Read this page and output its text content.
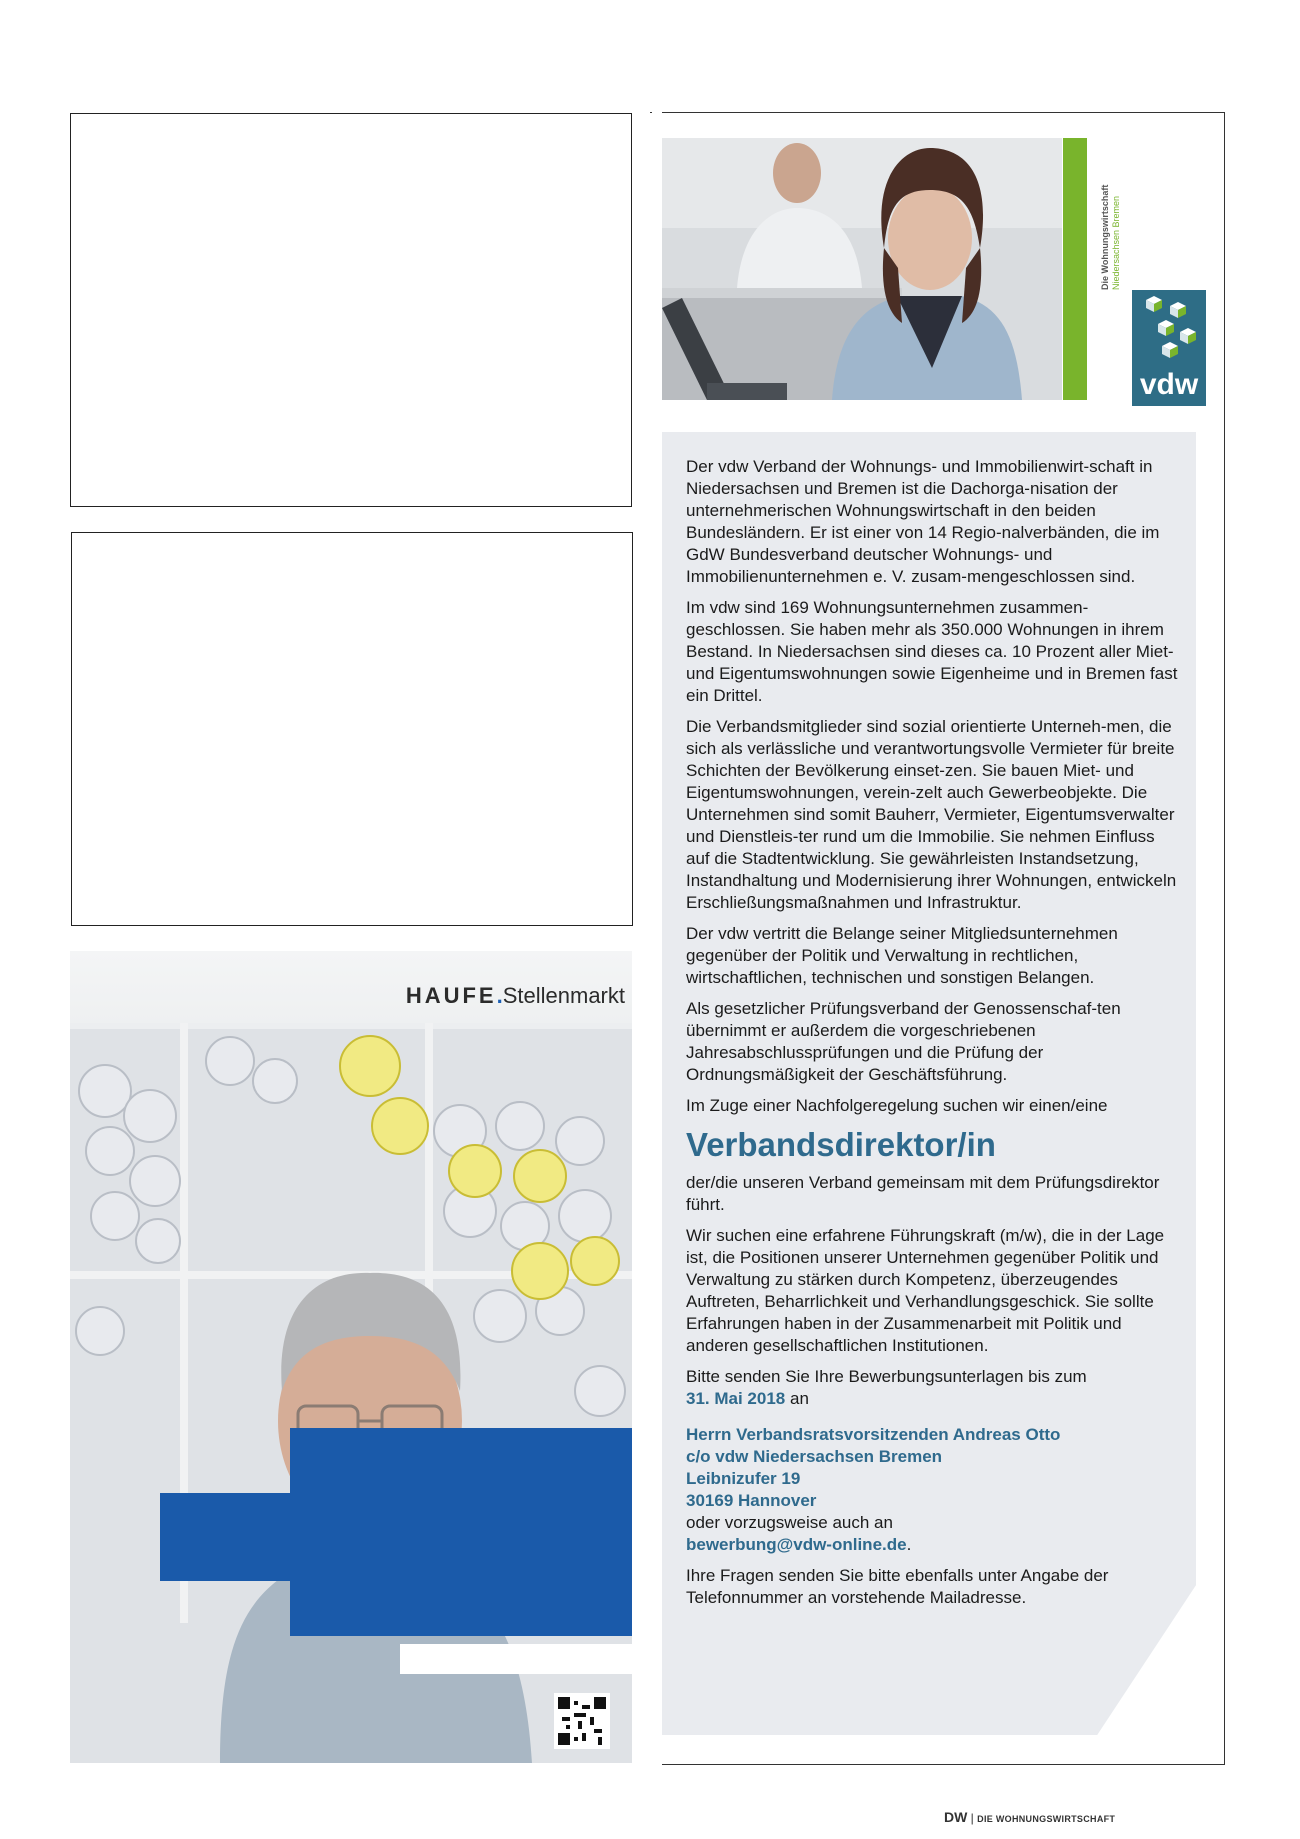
HAUFE.Stellenmarkt
Die Wohnungswirtschaft Niedersachsen Bremen
vdw

Der vdw Verband der Wohnungs- und Immobilienwirt-schaft in Niedersachsen und Bremen ist die Dachorga-nisation der unternehmerischen Wohnungswirtschaft in den beiden Bundesländern. Er ist einer von 14 Regio-nalverbänden, die im GdW Bundesverband deutscher Wohnungs- und Immobilienunternehmen e. V. zusam-mengeschlossen sind.

Im vdw sind 169 Wohnungsunternehmen zusammen-geschlossen. Sie haben mehr als 350.000 Wohnungen in ihrem Bestand. In Niedersachsen sind dieses ca. 10 Prozent aller Miet- und Eigentumswohnungen sowie Eigenheime und in Bremen fast ein Drittel.

Die Verbandsmitglieder sind sozial orientierte Unterneh-men, die sich als verlässliche und verantwortungsvolle Vermieter für breite Schichten der Bevölkerung einset-zen. Sie bauen Miet- und Eigentumswohnungen, verein-zelt auch Gewerbeobjekte. Die Unternehmen sind somit Bauherr, Vermieter, Eigentumsverwalter und Dienstleis-ter rund um die Immobilie. Sie nehmen Einfluss auf die Stadtentwicklung. Sie gewährleisten Instandsetzung, Instandhaltung und Modernisierung ihrer Wohnungen, entwickeln Erschließungsmaßnahmen und Infrastruktur.

Der vdw vertritt die Belange seiner Mitgliedsunternehmen gegenüber der Politik und Verwaltung in rechtlichen, wirtschaftlichen, technischen und sonstigen Belangen.

Als gesetzlicher Prüfungsverband der Genossenschaf-ten übernimmt er außerdem die vorgeschriebenen Jahresabschlussprüfungen und die Prüfung der Ordnungsmäßigkeit der Geschäftsführung.

Im Zuge einer Nachfolgeregelung suchen wir einen/eine

Verbandsdirektor/in

der/die unseren Verband gemeinsam mit dem Prüfungsdirektor führt.

Wir suchen eine erfahrene Führungskraft (m/w), die in der Lage ist, die Positionen unserer Unternehmen gegenüber Politik und Verwaltung zu stärken durch Kompetenz, überzeugendes Auftreten, Beharrlichkeit und Verhandlungsgeschick. Sie sollte Erfahrungen haben in der Zusammenarbeit mit Politik und anderen gesellschaftlichen Institutionen.

Bitte senden Sie Ihre Bewerbungsunterlagen bis zum
31. Mai 2018 an

Herrn Verbandsratsvorsitzenden Andreas Otto
c/o vdw Niedersachsen Bremen
Leibnizufer 19
30169 Hannover
oder vorzugsweise auch an
bewerbung@vdw-online.de.

Ihre Fragen senden Sie bitte ebenfalls unter Angabe der Telefonnummer an vorstehende Mailadresse.

DW | DIE WOHNUNGSWIRTSCHAFT
